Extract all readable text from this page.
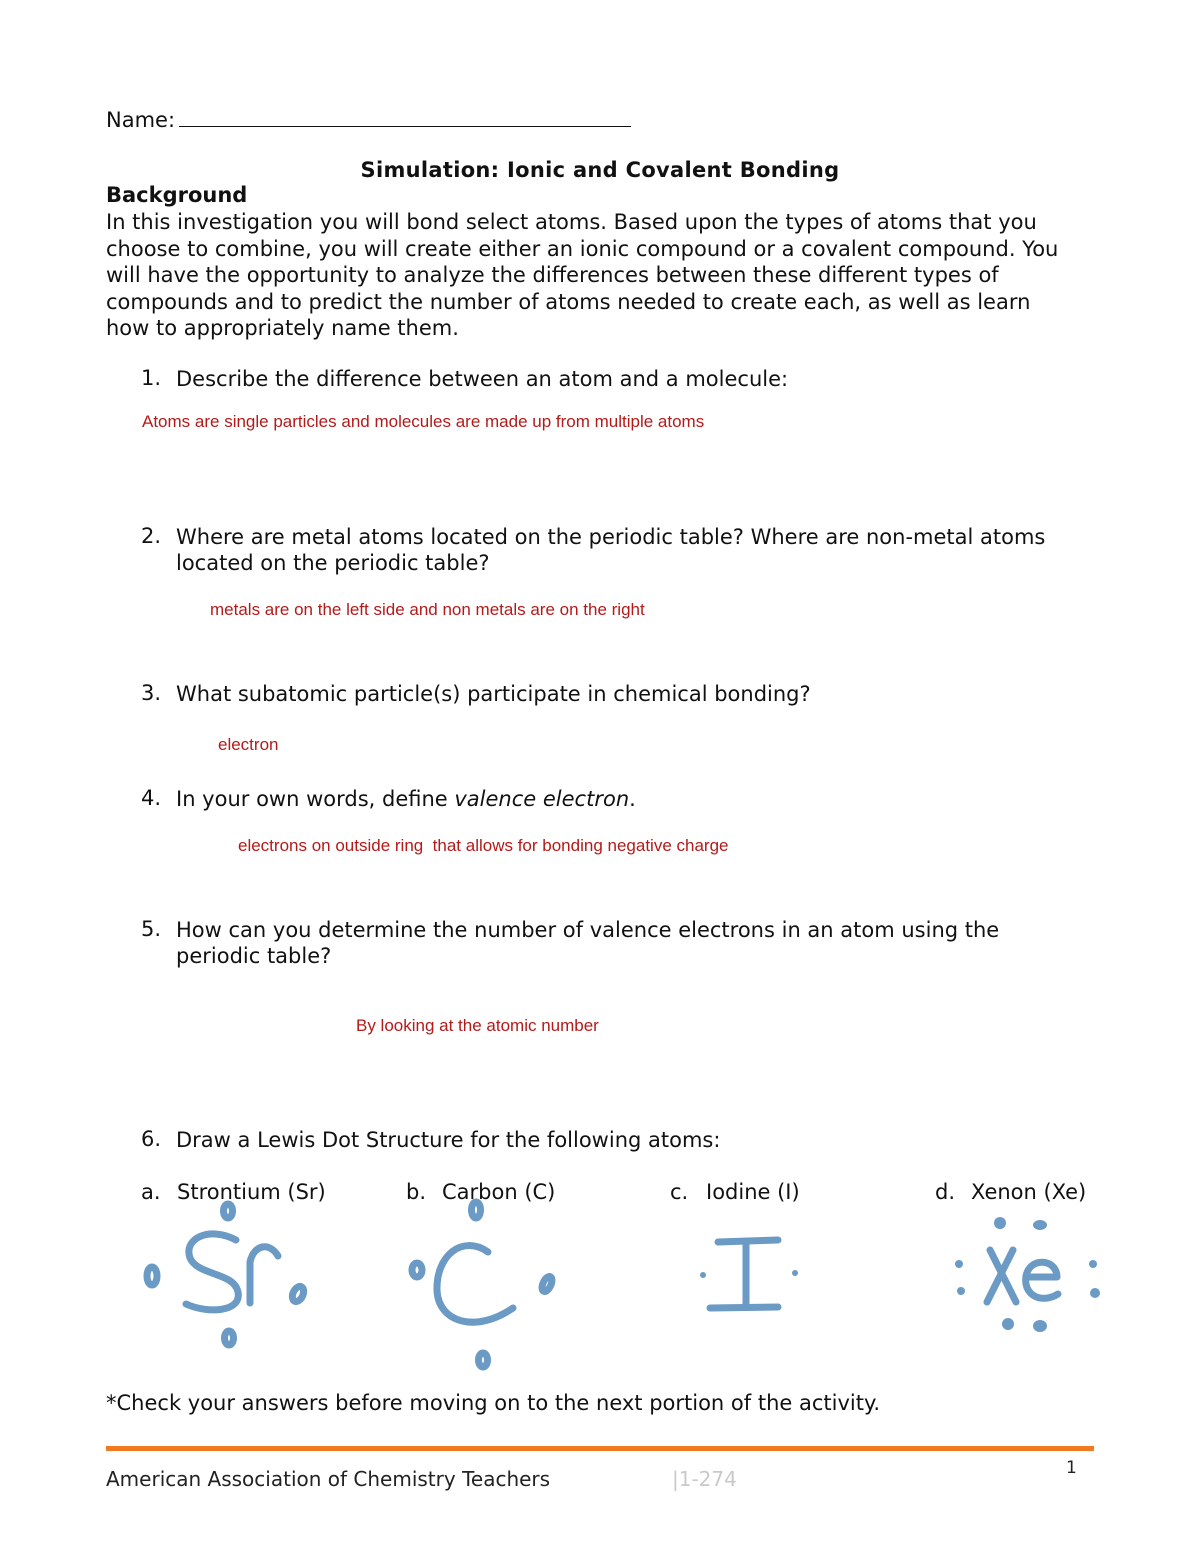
Name:
Simulation: Ionic and Covalent Bonding
Background
In this investigation you will bond select atoms. Based upon the types of atoms that you
choose to combine, you will create either an ionic compound or a covalent compound. You
will have the opportunity to analyze the differences between these different types of
compounds and to predict the number of atoms needed to create each, as well as learn
how to appropriately name them.
1. Describe the difference between an atom and a molecule:
Atoms are single particles and molecules are made up from multiple atoms
2. Where are metal atoms located on the periodic table? Where are non-metal atoms
located on the periodic table?
metals are on the left side and non metals are on the right
3. What subatomic particle(s) participate in chemical bonding?
electron
4. In your own words, define valence electron.
electrons on outside ring  that allows for bonding negative charge
5. How can you determine the number of valence electrons in an atom using the
periodic table?
By looking at the atomic number
6. Draw a Lewis Dot Structure for the following atoms:
a. Strontium (Sr)	b. Carbon (C)	c. Iodine (I)	d. Xenon (Xe)
*Check your answers before moving on to the next portion of the activity.
1
American Association of Chemistry Teachers	|1-274
